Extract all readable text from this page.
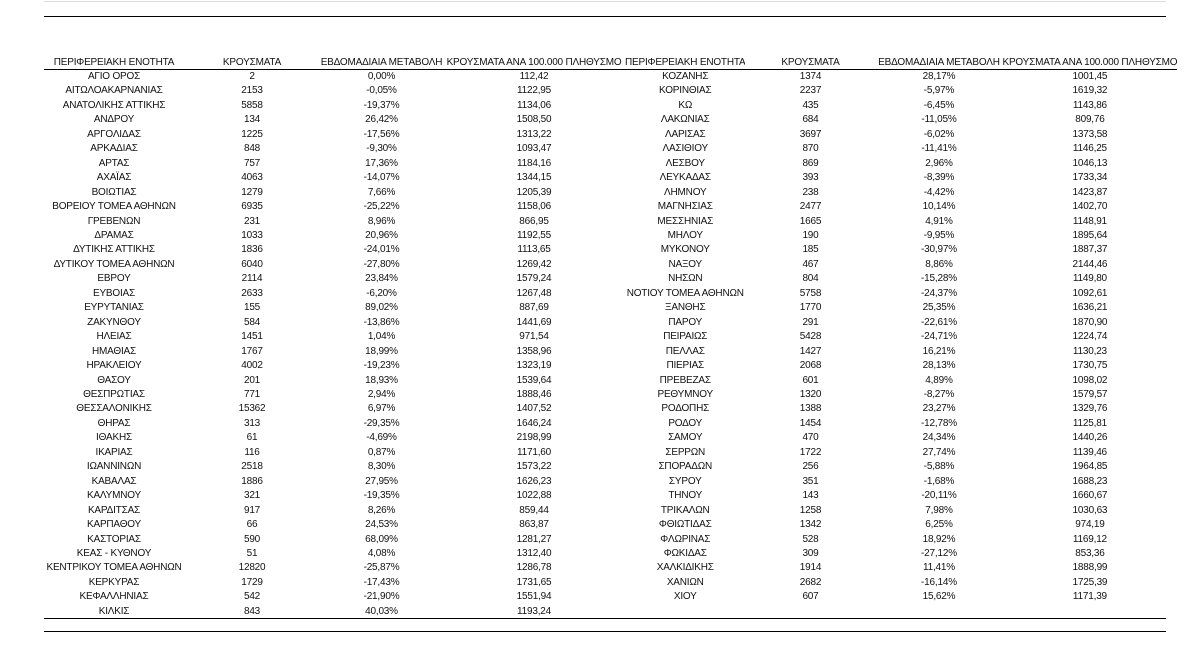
ΠΕΡΙΦΕΡΕΙΑΚΗ ΕΝΟΤΗΤΑ	ΚΡΟΥΣΜΑΤΑ	ΕΒΔΟΜΑΔΙΑΙΑ ΜΕΤΑΒΟΛΗ	ΚΡΟΥΣΜΑΤΑ ΑΝΑ 100.000 ΠΛΗΘΥΣΜΟ	ΠΕΡΙΦΕΡΕΙΑΚΗ ΕΝΟΤΗΤΑ	ΚΡΟΥΣΜΑΤΑ	ΕΒΔΟΜΑΔΙΑΙΑ ΜΕΤΑΒΟΛΗ	ΚΡΟΥΣΜΑΤΑ ΑΝΑ 100.000 ΠΛΗΘΥΣΜΟ
ΑΓΙΟ ΟΡΟΣ	2	0,00%	112,42	ΚΟΖΑΝΗΣ	1374	28,17%	1001,45
ΑΙΤΩΛΟΑΚΑΡΝΑΝΙΑΣ	2153	-0,05%	1122,95	ΚΟΡΙΝΘΙΑΣ	2237	-5,97%	1619,32
ΑΝΑΤΟΛΙΚΗΣ ΑΤΤΙΚΗΣ	5858	-19,37%	1134,06	ΚΩ	435	-6,45%	1143,86
ΑΝΔΡΟΥ	134	26,42%	1508,50	ΛΑΚΩΝΙΑΣ	684	-11,05%	809,76
ΑΡΓΟΛΙΔΑΣ	1225	-17,56%	1313,22	ΛΑΡΙΣΑΣ	3697	-6,02%	1373,58
ΑΡΚΑΔΙΑΣ	848	-9,30%	1093,47	ΛΑΣΙΘΙΟΥ	870	-11,41%	1146,25
ΑΡΤΑΣ	757	17,36%	1184,16	ΛΕΣΒΟΥ	869	2,96%	1046,13
ΑΧΑΪΑΣ	4063	-14,07%	1344,15	ΛΕΥΚΑΔΑΣ	393	-8,39%	1733,34
ΒΟΙΩΤΙΑΣ	1279	7,66%	1205,39	ΛΗΜΝΟΥ	238	-4,42%	1423,87
ΒΟΡΕΙΟΥ ΤΟΜΕΑ ΑΘΗΝΩΝ	6935	-25,22%	1158,06	ΜΑΓΝΗΣΙΑΣ	2477	10,14%	1402,70
ΓΡΕΒΕΝΩΝ	231	8,96%	866,95	ΜΕΣΣΗΝΙΑΣ	1665	4,91%	1148,91
ΔΡΑΜΑΣ	1033	20,96%	1192,55	ΜΗΛΟΥ	190	-9,95%	1895,64
ΔΥΤΙΚΗΣ ΑΤΤΙΚΗΣ	1836	-24,01%	1113,65	ΜΥΚΟΝΟΥ	185	-30,97%	1887,37
ΔΥΤΙΚΟΥ ΤΟΜΕΑ ΑΘΗΝΩΝ	6040	-27,80%	1269,42	ΝΑΞΟΥ	467	8,86%	2144,46
ΕΒΡΟΥ	2114	23,84%	1579,24	ΝΗΣΩΝ	804	-15,28%	1149,80
ΕΥΒΟΙΑΣ	2633	-6,20%	1267,48	ΝΟΤΙΟΥ ΤΟΜΕΑ ΑΘΗΝΩΝ	5758	-24,37%	1092,61
ΕΥΡΥΤΑΝΙΑΣ	155	89,02%	887,69	ΞΑΝΘΗΣ	1770	25,35%	1636,21
ΖΑΚΥΝΘΟΥ	584	-13,86%	1441,69	ΠΑΡΟΥ	291	-22,61%	1870,90
ΗΛΕΙΑΣ	1451	1,04%	971,54	ΠΕΙΡΑΙΩΣ	5428	-24,71%	1224,74
ΗΜΑΘΙΑΣ	1767	18,99%	1358,96	ΠΕΛΛΑΣ	1427	16,21%	1130,23
ΗΡΑΚΛΕΙΟΥ	4002	-19,23%	1323,19	ΠΙΕΡΙΑΣ	2068	28,13%	1730,75
ΘΑΣΟΥ	201	18,93%	1539,64	ΠΡΕΒΕΖΑΣ	601	4,89%	1098,02
ΘΕΣΠΡΩΤΙΑΣ	771	2,94%	1888,46	ΡΕΘΥΜΝΟΥ	1320	-8,27%	1579,57
ΘΕΣΣΑΛΟΝΙΚΗΣ	15362	6,97%	1407,52	ΡΟΔΟΠΗΣ	1388	23,27%	1329,76
ΘΗΡΑΣ	313	-29,35%	1646,24	ΡΟΔΟΥ	1454	-12,78%	1125,81
ΙΘΑΚΗΣ	61	-4,69%	2198,99	ΣΑΜΟΥ	470	24,34%	1440,26
ΙΚΑΡΙΑΣ	116	0,87%	1171,60	ΣΕΡΡΩΝ	1722	27,74%	1139,46
ΙΩΑΝΝΙΝΩΝ	2518	8,30%	1573,22	ΣΠΟΡΑΔΩΝ	256	-5,88%	1964,85
ΚΑΒΑΛΑΣ	1886	27,95%	1626,23	ΣΥΡΟΥ	351	-1,68%	1688,23
ΚΑΛΥΜΝΟΥ	321	-19,35%	1022,88	ΤΗΝΟΥ	143	-20,11%	1660,67
ΚΑΡΔΙΤΣΑΣ	917	8,26%	859,44	ΤΡΙΚΑΛΩΝ	1258	7,98%	1030,63
ΚΑΡΠΑΘΟΥ	66	24,53%	863,87	ΦΘΙΩΤΙΔΑΣ	1342	6,25%	974,19
ΚΑΣΤΟΡΙΑΣ	590	68,09%	1281,27	ΦΛΩΡΙΝΑΣ	528	18,92%	1169,12
ΚΕΑΣ - ΚΥΘΝΟΥ	51	4,08%	1312,40	ΦΩΚΙΔΑΣ	309	-27,12%	853,36
ΚΕΝΤΡΙΚΟΥ ΤΟΜΕΑ ΑΘΗΝΩΝ	12820	-25,87%	1286,78	ΧΑΛΚΙΔΙΚΗΣ	1914	11,41%	1888,99
ΚΕΡΚΥΡΑΣ	1729	-17,43%	1731,65	ΧΑΝΙΩΝ	2682	-16,14%	1725,39
ΚΕΦΑΛΛΗΝΙΑΣ	542	-21,90%	1551,94	ΧΙΟΥ	607	15,62%	1171,39
ΚΙΛΚΙΣ	843	40,03%	1193,24				
